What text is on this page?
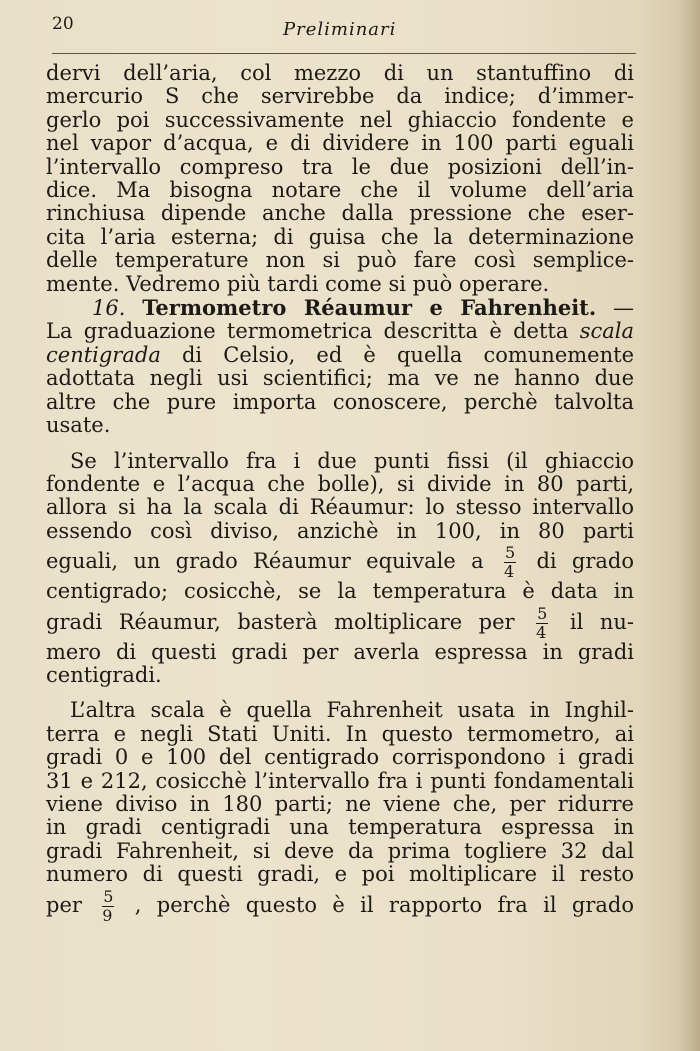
20	Preliminari
dervi dell’aria, col mezzo di un stantuffino di
mercurio S che servirebbe da indice; d’immer-
gerlo poi successivamente nel ghiaccio fondente e
nel vapor d’acqua, e di dividere in 100 parti eguali
l’intervallo compreso tra le due posizioni dell’in-
dice. Ma bisogna notare che il volume dell’aria
rinchiusa dipende anche dalla pressione che eser-
cita l’aria esterna; di guisa che la determinazione
delle temperature non si può fare così semplice-
mente. Vedremo più tardi come si può operare.
16. Termometro Réaumur e Fahrenheit. —
La graduazione termometrica descritta è detta scala
centigrada di Celsio, ed è quella comunemente
adottata negli usi scientifici; ma ve ne hanno due
altre che pure importa conoscere, perchè talvolta
usate.
Se l’intervallo fra i due punti fissi (il ghiaccio
fondente e l’acqua che bolle), si divide in 80 parti,
allora si ha la scala di Réaumur: lo stesso intervallo
essendo così diviso, anzichè in 100, in 80 parti
eguali, un grado Réaumur equivale a $\frac{5}{4}$ di grado
centigrado; cosicchè, se la temperatura è data in
gradi Réaumur, basterà moltiplicare per $\frac{5}{4}$ il nu-
mero di questi gradi per averla espressa in gradi
centigradi.
L’altra scala è quella Fahrenheit usata in Inghil-
terra e negli Stati Uniti. In questo termometro, ai
gradi 0 e 100 del centigrado corrispondono i gradi
31 e 212, cosicchè l’intervallo fra i punti fondamentali
viene diviso in 180 parti; ne viene che, per ridurre
in gradi centigradi una temperatura espressa in
gradi Fahrenheit, si deve da prima togliere 32 dal
numero di questi gradi, e poi moltiplicare il resto
per $\frac{5}{9}$ , perchè questo è il rapporto fra il grado
